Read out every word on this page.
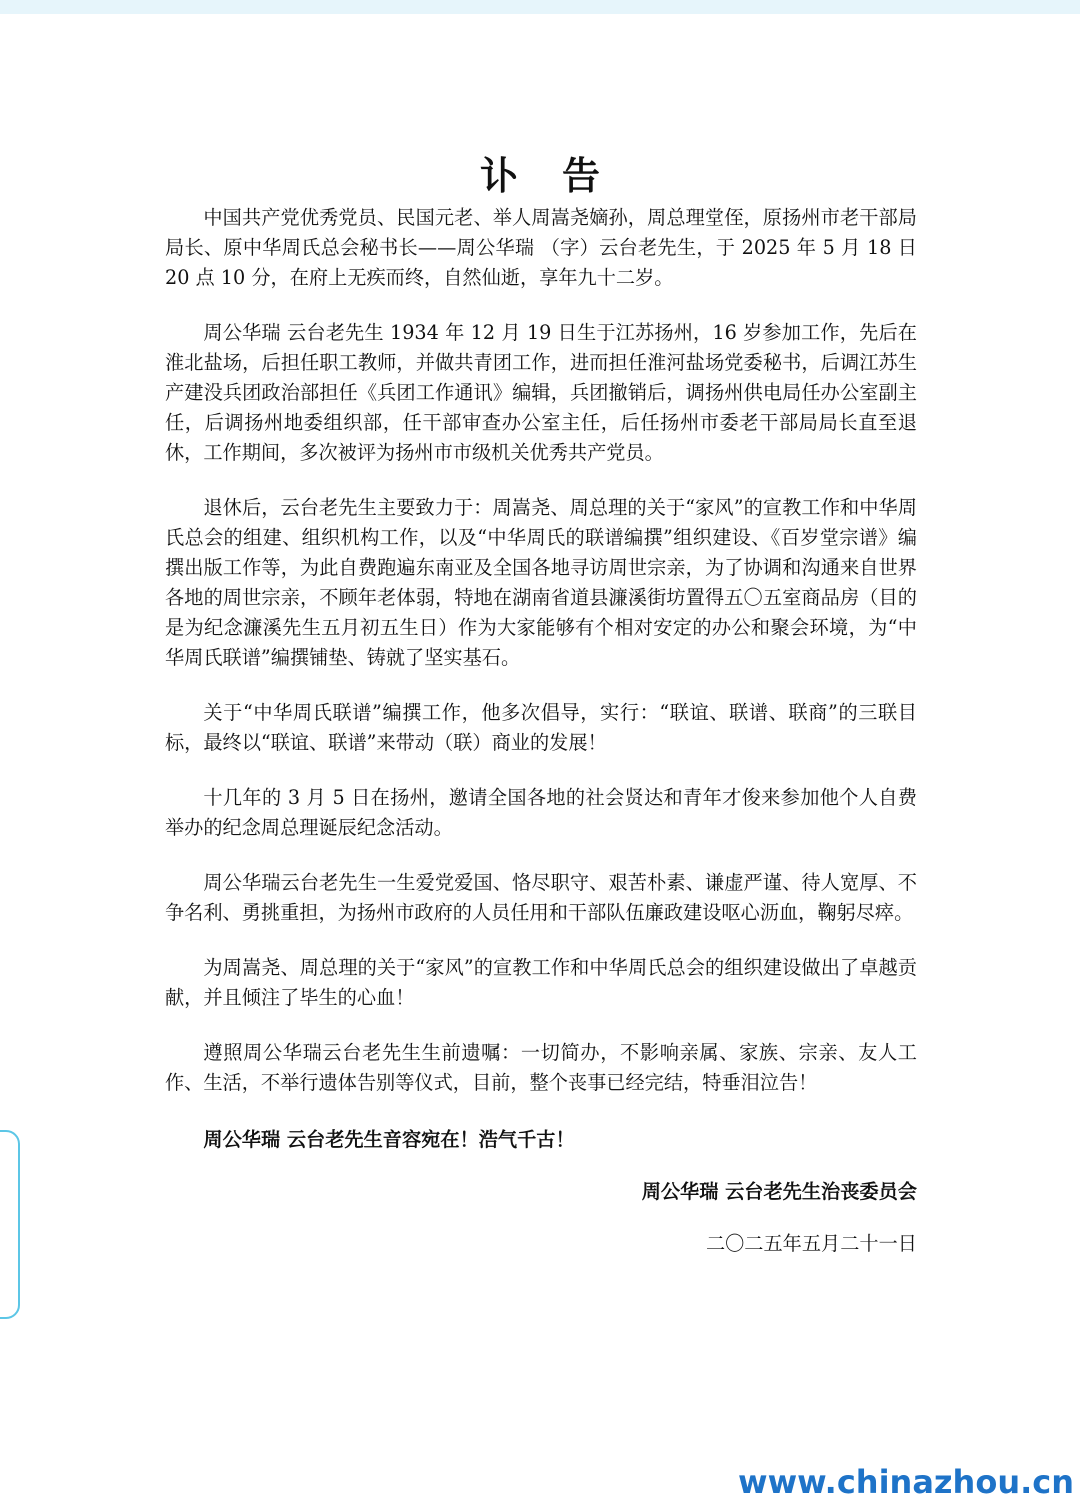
讣告

中国共产党优秀党员、民国元老、举人周嵩尧嫡孙，周总理堂侄，原扬州市老干部局局长、原中华周氏总会秘书长——周公华瑞 （字）云台老先生，于 2025 年 5 月 18 日 20 点 10 分，在府上无疾而终，自然仙逝，享年九十二岁。

周公华瑞 云台老先生 1934 年 12 月 19 日生于江苏扬州，16 岁参加工作，先后在淮北盐场，后担任职工教师，并做共青团工作，进而担任淮河盐场党委秘书，后调江苏生产建没兵团政治部担任《兵团工作通讯》编辑，兵团撤销后，调扬州供电局任办公室副主任，后调扬州地委组织部，任干部审查办公室主任，后任扬州市委老干部局局长直至退休，工作期间，多次被评为扬州市市级机关优秀共产党员。

退休后，云台老先生主要致力于：周嵩尧、周总理的关于“家风”的宣教工作和中华周氏总会的组建、组织机构工作，以及“中华周氏的联谱编撰”组织建设、《百岁堂宗谱》编撰出版工作等，为此自费跑遍东南亚及全国各地寻访周世宗亲，为了协调和沟通来自世界各地的周世宗亲，不顾年老体弱，特地在湖南省道县濂溪街坊置得五〇五室商品房（目的是为纪念濂溪先生五月初五生日）作为大家能够有个相对安定的办公和聚会环境，为“中华周氏联谱”编撰铺垫、铸就了坚实基石。

关于“中华周氏联谱”编撰工作，他多次倡导，实行：“联谊、联谱、联商”的三联目标，最终以“联谊、联谱”来带动（联）商业的发展！

十几年的 3 月 5 日在扬州，邀请全国各地的社会贤达和青年才俊来参加他个人自费举办的纪念周总理诞辰纪念活动。

周公华瑞云台老先生一生爱党爱国、恪尽职守、艰苦朴素、谦虚严谨、待人宽厚、不争名利、勇挑重担，为扬州市政府的人员任用和干部队伍廉政建设呕心沥血，鞠躬尽瘁。

为周嵩尧、周总理的关于“家风”的宣教工作和中华周氏总会的组织建设做出了卓越贡献，并且倾注了毕生的心血！

遵照周公华瑞云台老先生生前遗嘱：一切简办，不影响亲属、家族、宗亲、友人工作、生活，不举行遗体告别等仪式，目前，整个丧事已经完结，特垂泪泣告！

周公华瑞 云台老先生音容宛在！浩气千古！
周公华瑞 云台老先生治丧委员会
二〇二五年五月二十一日
www.chinazhou.cn
